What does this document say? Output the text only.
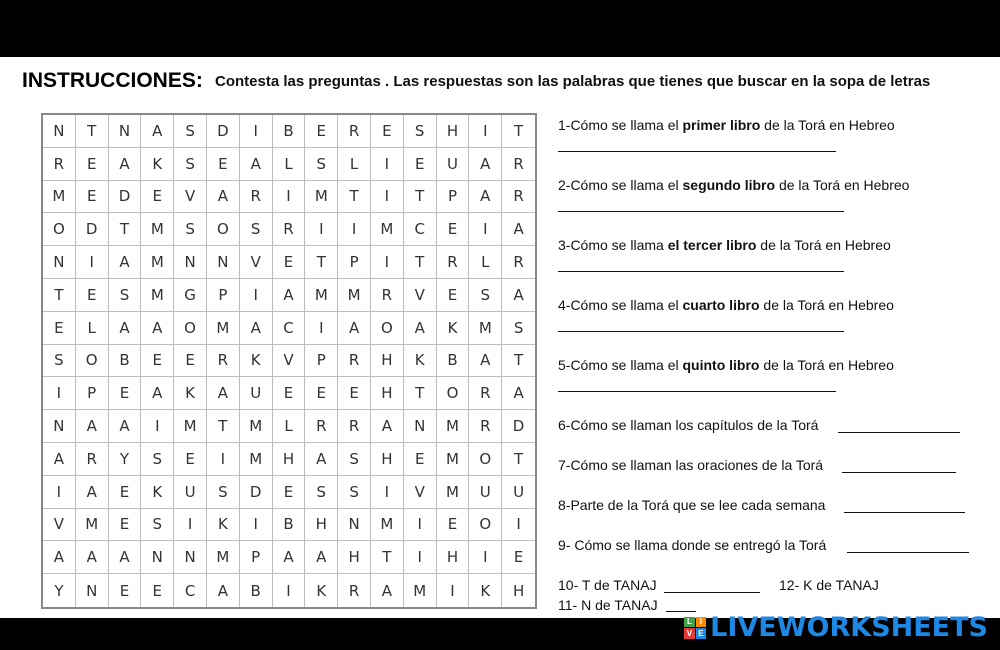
INSTRUCCIONES: Contesta las preguntas . Las respuestas son las palabras que tienes que buscar en la sopa de letras
N	T	N	A	S	D	I	B	E	R	E	S	H	I	T
R	E	A	K	S	E	A	L	S	L	I	E	U	A	R
M	E	D	E	V	A	R	I	M	T	I	T	P	A	R
O	D	T	M	S	O	S	R	I	I	M	C	E	I	A
N	I	A	M	N	N	V	E	T	P	I	T	R	L	R
T	E	S	M	G	P	I	A	M	M	R	V	E	S	A
E	L	A	A	O	M	A	C	I	A	O	A	K	M	S
S	O	B	E	E	R	K	V	P	R	H	K	B	A	T
I	P	E	A	K	A	U	E	E	E	H	T	O	R	A
N	A	A	I	M	T	M	L	R	R	A	N	M	R	D
A	R	Y	S	E	I	M	H	A	S	H	E	M	O	T
I	A	E	K	U	S	D	E	S	S	I	V	M	U	U
V	M	E	S	I	K	I	B	H	N	M	I	E	O	I
A	A	A	N	N	M	P	A	A	H	T	I	H	I	E
Y	N	E	E	C	A	B	I	K	R	A	M	I	K	H
1-Cómo se llama el primer libro de la Torá en Hebreo
2-Cómo se llama el segundo libro de la Torá en Hebreo
3-Cómo se llama el tercer libro de la Torá en Hebreo
4-Cómo se llama el cuarto libro de la Torá en Hebreo
5-Cómo se llama el quinto libro de la Torá en Hebreo
6-Cómo se llaman los capítulos de la Torá
7-Cómo se llaman las oraciones de la Torá
8-Parte de la Torá que se lee cada semana
9- Cómo se llama donde se entregó la Torá
10- T de TANAJ	12- K de TANAJ
11- N de TANAJ
L I
V E LIVEWORKSHEETS
